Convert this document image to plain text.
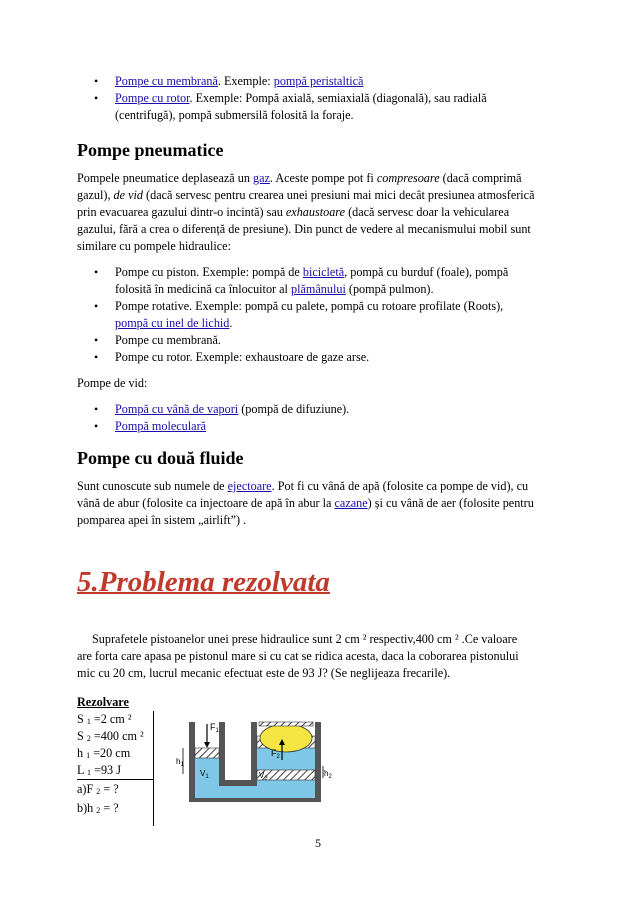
• Pompe cu membrană. Exemple: pompă peristaltică
• Pompe cu rotor. Exemple: Pompă axială, semiaxială (diagonală), sau radială
(centrifugă), pompă submersilă folosită la foraje.
Pompe pneumatice
Pompele pneumatice deplasează un gaz. Aceste pompe pot fi compresoare (dacă comprimă
gazul), de vid (dacă servesc pentru crearea unei presiuni mai mici decât presiunea atmosferică
prin evacuarea gazului dintr-o incintă) sau exhaustoare (dacă servesc doar la vehicularea
gazului, fără a crea o diferență de presiune). Din punct de vedere al mecanismului mobil sunt
similare cu pompele hidraulice:
• Pompe cu piston. Exemple: pompă de bicicletă, pompă cu burduf (foale), pompă
folosită în medicină ca înlocuitor al plămânului (pompă pulmon).
• Pompe rotative. Exemple: pompă cu palete, pompă cu rotoare profilate (Roots),
pompă cu inel de lichid.
• Pompe cu membrană.
• Pompe cu rotor. Exemple: exhaustoare de gaze arse.
Pompe de vid:
• Pompă cu vână de vapori (pompă de difuziune).
• Pompă moleculară
Pompe cu două fluide
Sunt cunoscute sub numele de ejectoare. Pot fi cu vână de apă (folosite ca pompe de vid), cu
vână de abur (folosite ca injectoare de apă în abur la cazane) și cu vână de aer (folosite pentru
pomparea apei în sistem „airlift”) .
5.Problema rezolvata
Suprafetele pistoanelor unei prese hidraulice sunt 2 cm ² respectiv,400 cm ² .Ce valoare
are forta care apasa pe pistonul mare si cu cat se ridica acesta, daca la coborarea pistonului
mic cu 20 cm, lucrul mecanic efectuat este de 93 J? (Se neglijeaza frecarile).
Rezolvare
S $_1$ =2 cm ²
S $_2$ =400 cm ²
h $_1$ =20 cm
L $_1$ =93 J
a)F $_2$ = ?
b)h $_2$ = ?
$F_1$
$F_2$
$h_1$
$h_2$
$V_1$	$V_2$
5
